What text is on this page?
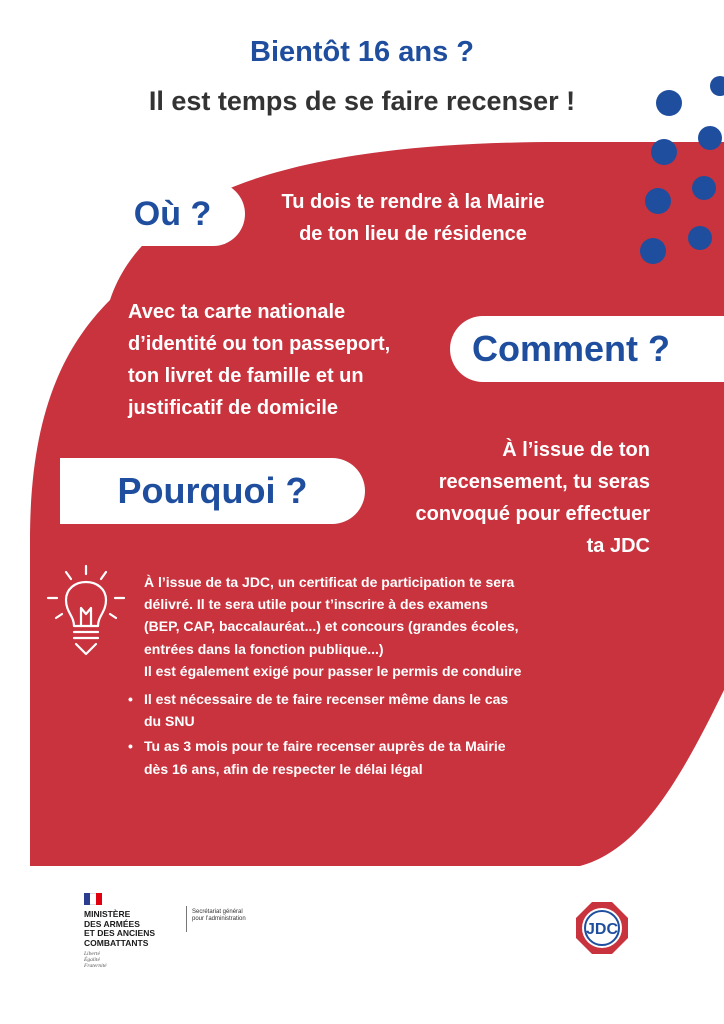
Bientôt 16 ans ?
Il est temps de se faire recenser !
Où ?	Tu dois te rendre à la Mairie
de ton lieu de résidence
Avec ta carte nationale
d’identité ou ton passeport,
ton livret de famille et un
justificatif de domicile
Comment ?
Pourquoi ?
À l’issue de ton
recensement, tu seras
convoqué pour effectuer
ta JDC

À l’issue de ta JDC, un certificat de participation te sera délivré. Il te sera utile pour t’inscrire à des examens (BEP, CAP, baccalauréat...) et concours (grandes écoles, entrées dans la fonction publique...)

Il est également exigé pour passer le permis de conduire

• Il est nécessaire de te faire recenser même dans le cas du SNU
• Tu as 3 mois pour te faire recenser auprès de ta Mairie dès 16 ans, afin de respecter le délai légal
MINISTÈRE
DES ARMÉES
ET DES ANCIENS
COMBATTANTS
Liberté
Égalité
Fraternité
Secrétariat général
pour l’administration
JDC
